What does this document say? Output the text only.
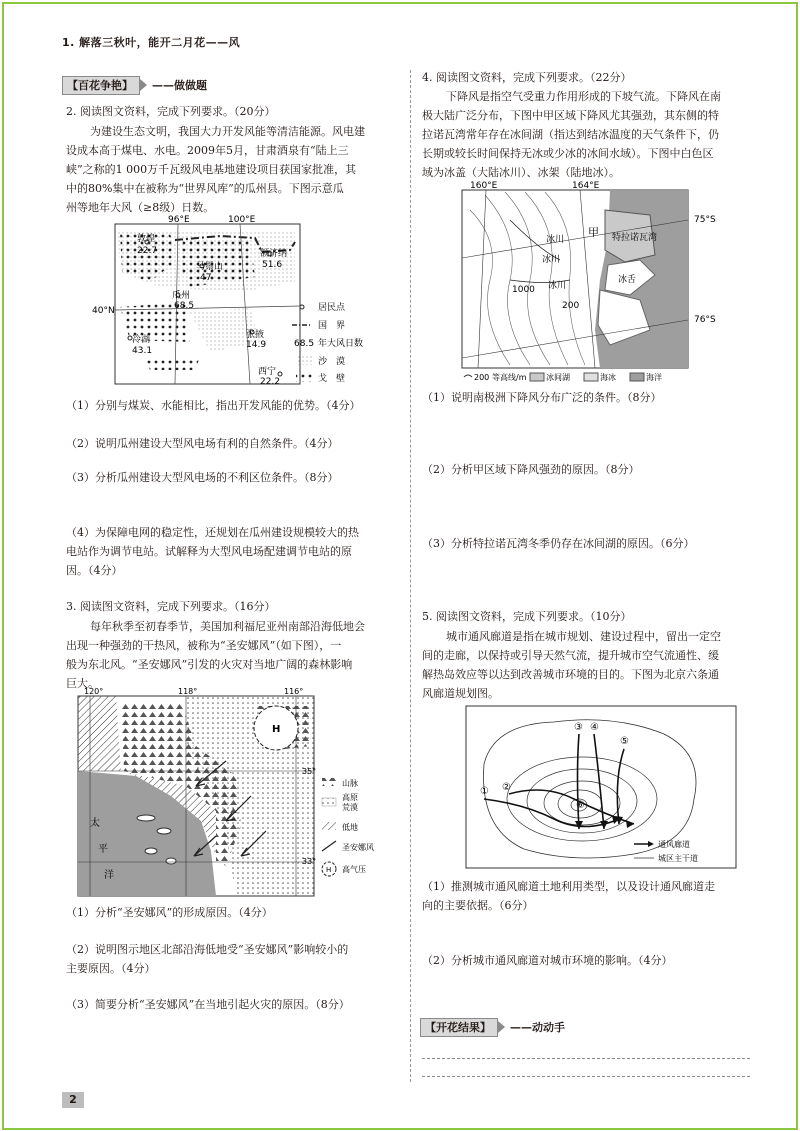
1. 解落三秋叶，能开二月花——风
【百花争艳】	——做做题
2. 阅读图文资料，完成下列要求。（20分）
为建设生态文明，我国大力开发风能等清洁能源。风电建
设成本高于煤电、水电。2009年5月，甘肃酒泉有“陆上三
峡”之称的1 000万千瓦级风电基地建设项目获国家批准，其
中的80%集中在被称为“世界风库”的瓜州县。下图示意瓜
州等地年大风（≥8级）日数。
96°E	100°E
40°N
敦煌
22.7	额济纳
51.6
马鬃山
47
瓜州
68.5
冷湖
43.1
张掖
14.9
西宁
22.2
居民点
国　界
68.5 年大风日数
沙　漠
戈　壁
（1）分别与煤炭、水能相比，指出开发风能的优势。（4分）
（2）说明瓜州建设大型风电场有利的自然条件。（4分）
（3）分析瓜州建设大型风电场的不利区位条件。（8分）
（4）为保障电网的稳定性，还规划在瓜州建设规模较大的热
电站作为调节电站。试解释为大型风电场配建调节电站的原
因。（4分）
3. 阅读图文资料，完成下列要求。（16分）
每年秋季至初春季节，美国加利福尼亚州南部沿海低地会
出现一种强劲的干热风，被称为“圣安娜风”（如下图），一
般为东北风。“圣安娜风”引发的火灾对当地广阔的森林影响
巨大。
120°	118°	116°
35°
33°
H
太
平
洋
山脉
高原
荒漠
低地
圣安娜风
H 高气压
（1）分析“圣安娜风”的形成原因。（4分）
（2）说明图示地区北部沿海低地受“圣安娜风”影响较小的
主要原因。（4分）
（3）简要分析“圣安娜风”在当地引起火灾的原因。（8分）
4. 阅读图文资料，完成下列要求。（22分）
下降风是指空气受重力作用形成的下坡气流。下降风在南
极大陆广泛分布，下图中甲区域下降风尤其强劲，其东侧的特
拉诺瓦湾常年存在冰间湖（指达到结冰温度的天气条件下，仍
长期或较长时间保持无冰或少冰的冰间水域）。下图中白色区
域为冰盖（大陆冰川）、冰架（陆地冰）。
160°E	164°E
75°S
76°S
冰川
冰川
冰川
甲 特拉诺瓦湾
冰舌
1000
200
200 等高线/m 冰间湖	海冰	海洋
（1）说明南极洲下降风分布广泛的条件。（8分）
（2）分析甲区域下降风强劲的原因。（8分）
（3）分析特拉诺瓦湾冬季仍存在冰间湖的原因。（6分）
5. 阅读图文资料，完成下列要求。（10分）
城市通风廊道是指在城市规划、建设过程中，留出一定空
间的走廊，以保持或引导天然气流，提升城市空气流通性、缓
解热岛效应等以达到改善城市环境的目的。下图为北京六条通
风廊道规划图。
① ②
③ ④
⑤
⑥
通风廊道
城区主干道
（1）推测城市通风廊道土地利用类型，以及设计通风廊道走
向的主要依据。（6分）
（2）分析城市通风廊道对城市环境的影响。（4分）
【开花结果】	——动动手
2
